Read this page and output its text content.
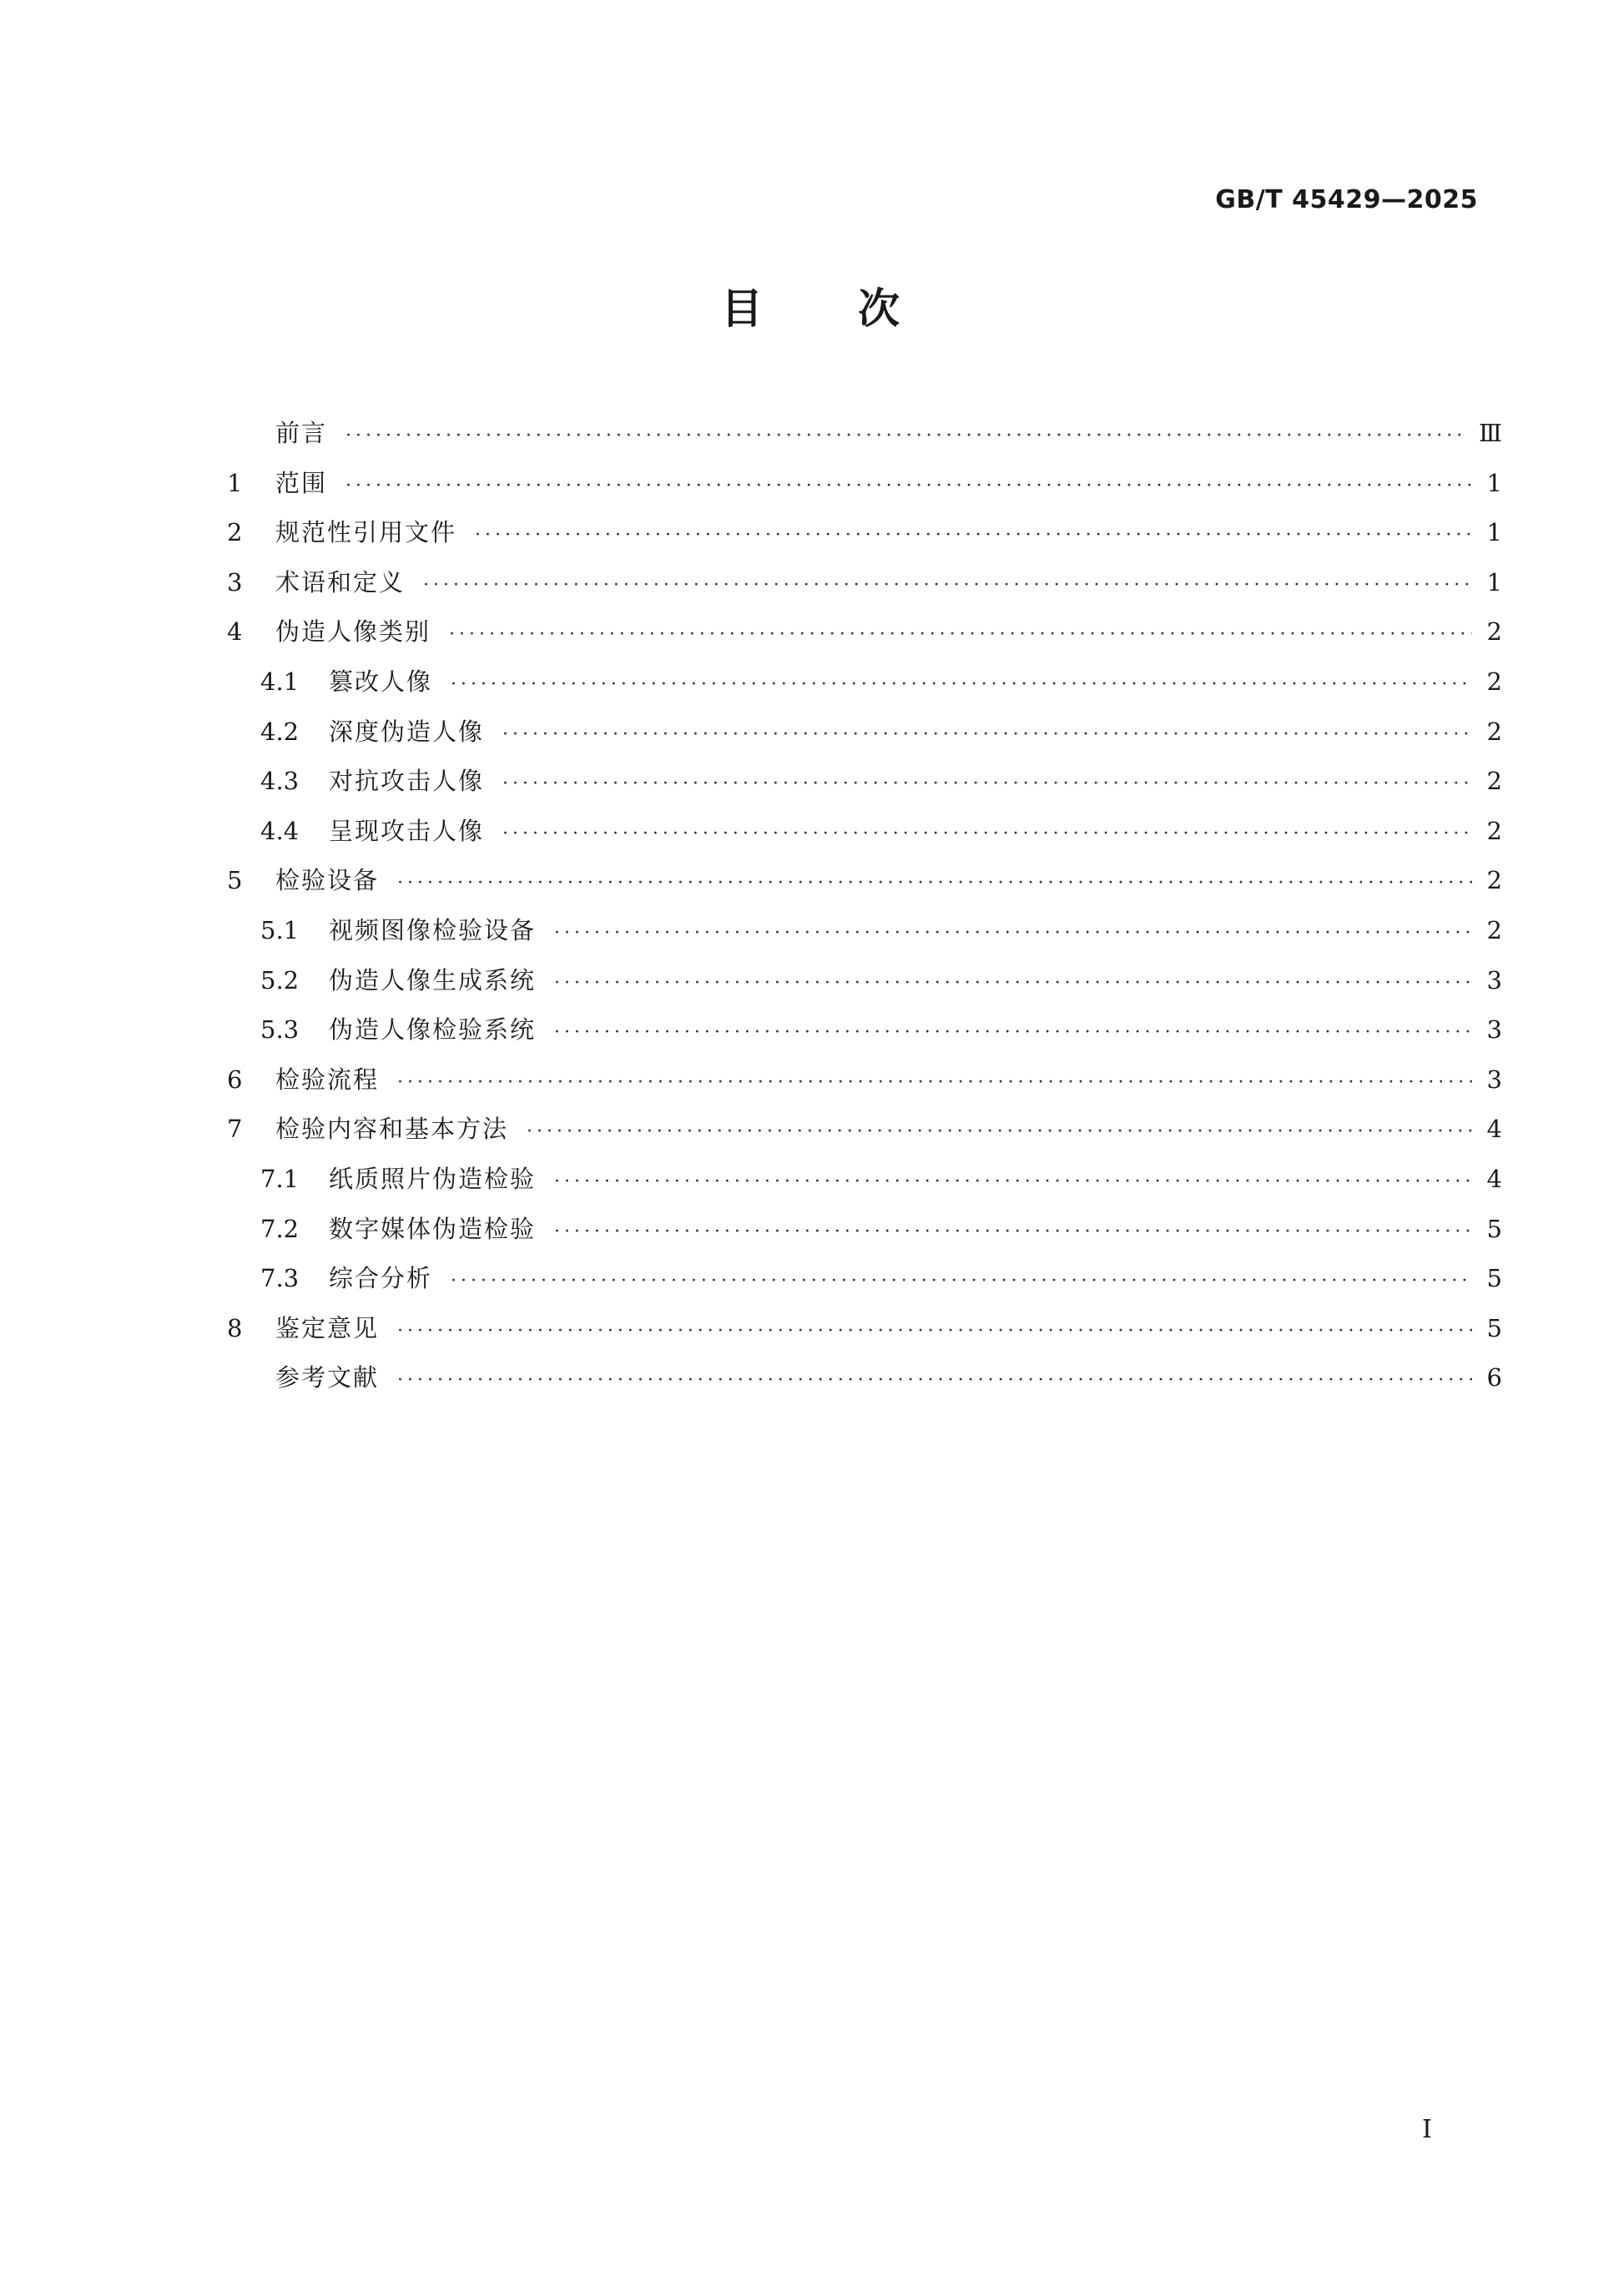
GB/T 45429—2025
目 次
前言 ·····	Ⅲ
1	范围 ·····	1
2	规范性引用文件 ·····	1
3	术语和定义 ·····	1
4	伪造人像类别 ·····	2
4.1	篡改人像 ·····	2
4.2	深度伪造人像 ·····	2
4.3	对抗攻击人像 ·····	2
4.4	呈现攻击人像 ·····	2
5	检验设备 ·····	2
5.1	视频图像检验设备 ·····	2
5.2	伪造人像生成系统 ·····	3
5.3	伪造人像检验系统 ·····	3
6	检验流程 ·····	3
7	检验内容和基本方法 ·····	4
7.1	纸质照片伪造检验 ·····	4
7.2	数字媒体伪造检验 ·····	5
7.3	综合分析 ·····	5
8	鉴定意见 ·····	5
参考文献 ·····	6
I
